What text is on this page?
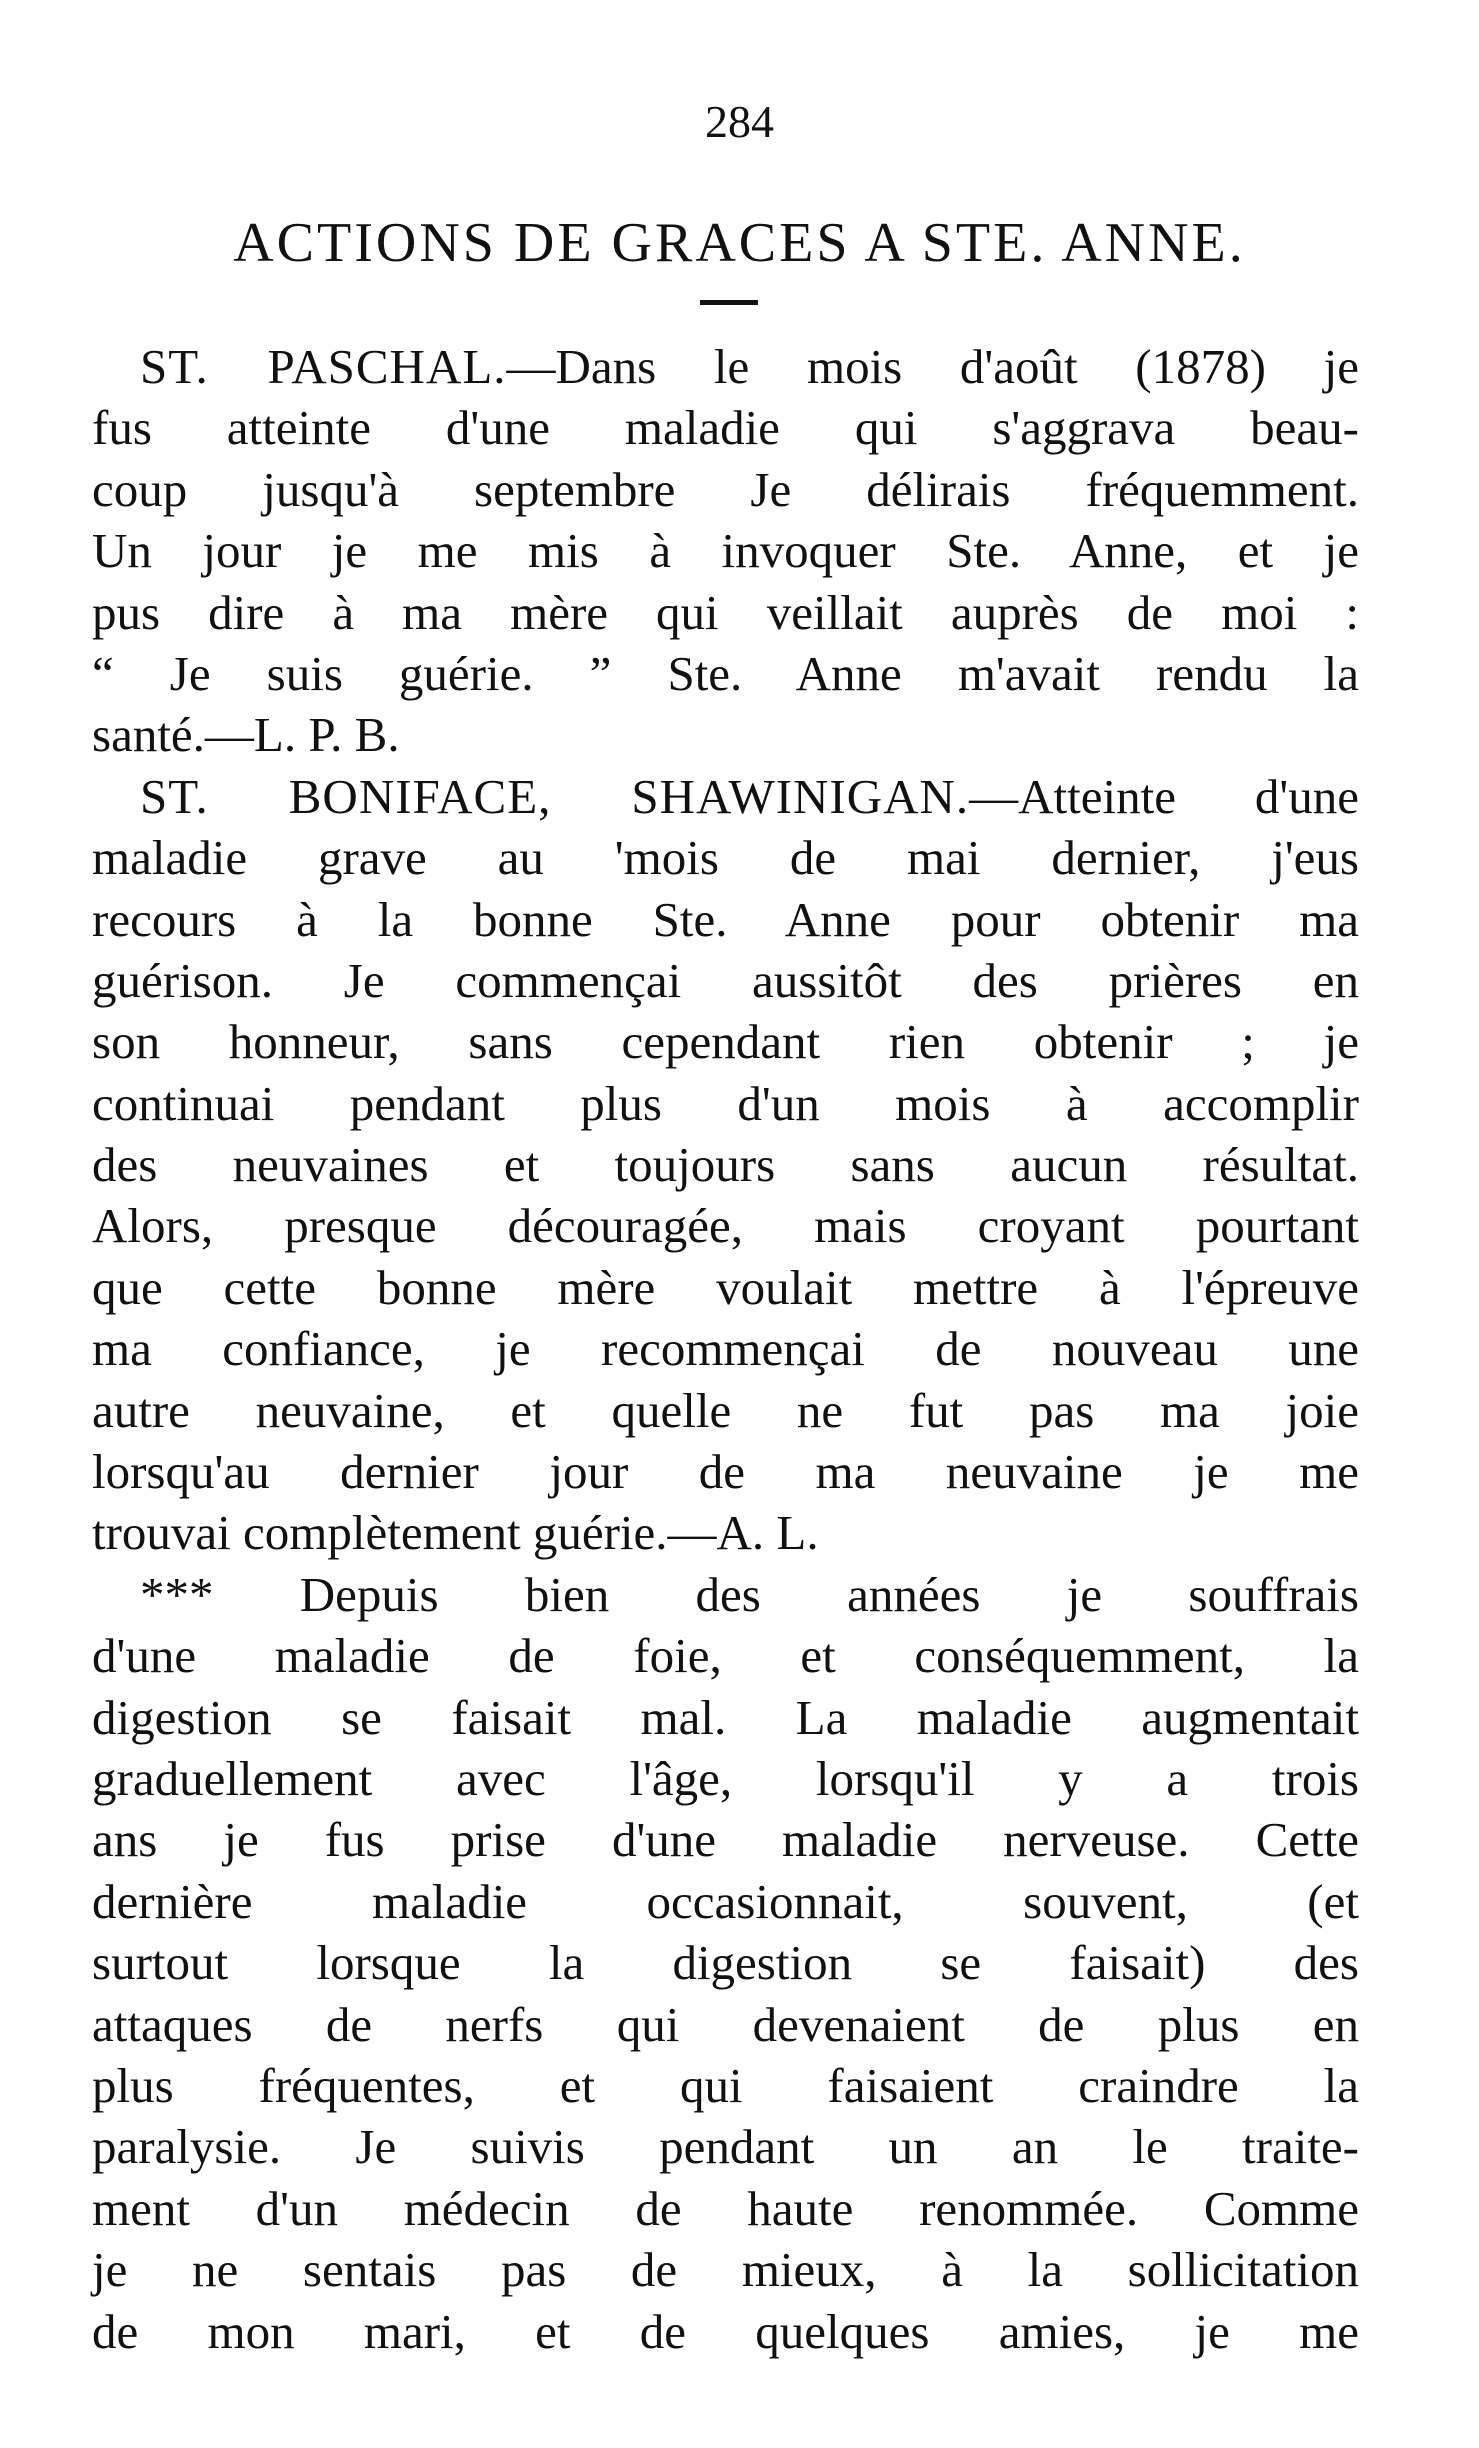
284
ACTIONS DE GRACES A STE. ANNE.
ST. PASCHAL.—Dans le mois d'août (1878) je
fus atteinte d'une maladie qui s'aggrava beau-
coup jusqu'à septembre Je délirais fréquemment.
Un jour je me mis à invoquer Ste. Anne, et je
pus dire à ma mère qui veillait auprès de moi :
“ Je suis guérie. ” Ste. Anne m'avait rendu la
santé.—L. P. B.
ST. BONIFACE, SHAWINIGAN.—Atteinte d'une
maladie grave au 'mois de mai dernier, j'eus
recours à la bonne Ste. Anne pour obtenir ma
guérison. Je commençai aussitôt des prières en
son honneur, sans cependant rien obtenir ; je
continuai pendant plus d'un mois à accomplir
des neuvaines et toujours sans aucun résultat.
Alors, presque découragée, mais croyant pourtant
que cette bonne mère voulait mettre à l'épreuve
ma confiance, je recommençai de nouveau une
autre neuvaine, et quelle ne fut pas ma joie
lorsqu'au dernier jour de ma neuvaine je me
trouvai complètement guérie.—A. L.
*** Depuis bien des années je souffrais
d'une maladie de foie, et conséquemment, la
digestion se faisait mal. La maladie augmentait
graduellement avec l'âge, lorsqu'il y a trois
ans je fus prise d'une maladie nerveuse. Cette
dernière maladie occasionnait, souvent, (et
surtout lorsque la digestion se faisait) des
attaques de nerfs qui devenaient de plus en
plus fréquentes, et qui faisaient craindre la
paralysie. Je suivis pendant un an le traite-
ment d'un médecin de haute renommée. Comme
je ne sentais pas de mieux, à la sollicitation
de mon mari, et de quelques amies, je me
